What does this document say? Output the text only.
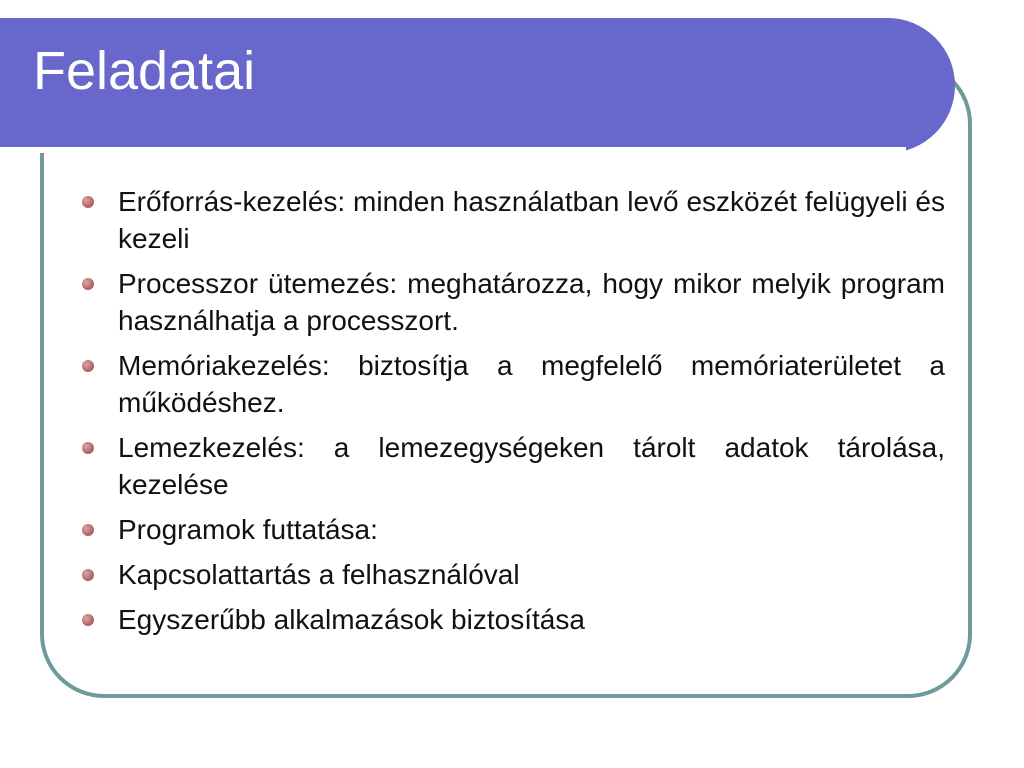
Feladatai
Erőforrás-kezelés: minden használatban levő eszközét felügyeli és kezeli
Processzor ütemezés: meghatározza, hogy mikor melyik program használhatja a processzort.
Memóriakezelés: biztosítja a megfelelő memóriaterületet a működéshez.
Lemezkezelés: a lemezegységeken tárolt adatok tárolása, kezelése
Programok futtatása:
Kapcsolattartás a felhasználóval
Egyszerűbb alkalmazások biztosítása
